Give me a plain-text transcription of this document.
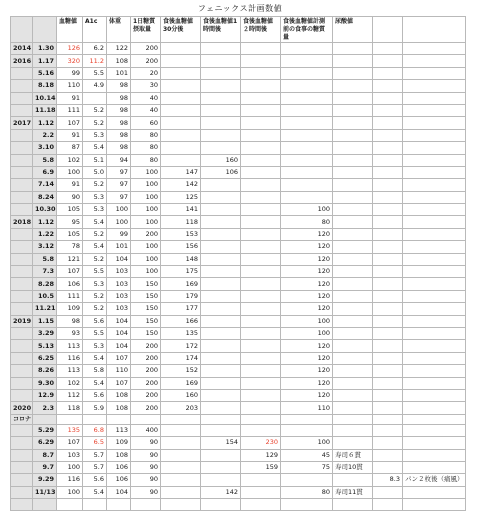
フェニックス計画数値
		血糖値	A1c	体重	1日糖質摂取量	食後血糖値30分後	食後血糖値1時間後	食後血糖値２時間後	食後血糖値計測前の食事の糖質量	尿酸値		
2014	1.30	126	6.2	122	200							
2016	1.17	320	11.2	108	200							
	5.16	99	5.5	101	20							
	8.18	110	4.9	98	30							
	10.14	91		98	40							
	11.18	111	5.2	98	40							
2017	1.12	107	5.2	98	60							
	2.2	91	5.3	98	80							
	3.10	87	5.4	98	80							
	5.8	102	5.1	94	80		160					
	6.9	100	5.0	97	100	147	106					
	7.14	91	5.2	97	100	142						
	8.24	90	5.3	97	100	125						
	10.30	105	5.3	100	100	141			100			
2018	1.12	95	5.4	100	100	118			80			
	1.22	105	5.2	99	200	153			120			
	3.12	78	5.4	101	100	156			120			
	5.8	121	5.2	104	100	148			120			
	7.3	107	5.5	103	100	175			120			
	8.28	106	5.3	103	150	169			120			
	10.5	111	5.2	103	150	179			120			
	11.21	109	5.2	103	150	177			120			
2019	1.15	98	5.6	104	150	166			100			
	3.29	93	5.5	104	150	135			100			
	5.13	113	5.3	104	200	172			120			
	6.25	116	5.4	107	200	174			120			
	8.26	113	5.8	110	200	152			120			
	9.30	102	5.4	107	200	169			120			
	12.9	112	5.6	108	200	160			120			
2020	2.3	118	5.9	108	200	203			110			
コロナ												
	5.29	135	6.8	113	400							
	6.29	107	6.5	109	90		154	230	100			
	8.7	103	5.7	108	90			129	45	寿司６貫		
	9.7	100	5.7	106	90			159	75	寿司10貫		
	9.29	116	5.6	106	90						8.3	パン２枚後（痛風）
	11/13	100	5.4	104	90		142		80	寿司11貫		
